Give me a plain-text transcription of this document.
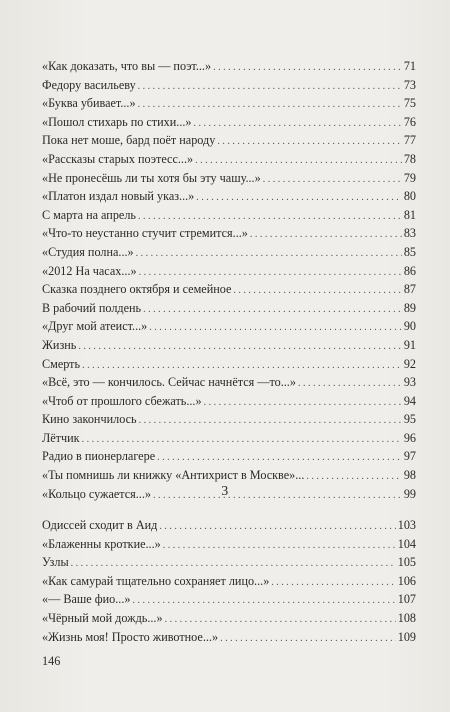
«Как доказать, что вы — поэт...» . . .	71
Федору васильеву . . .	73
«Буква убивает...» . . .	75
«Пошол стихарь по стихи...» . . .	76
Пока нет моше, бард поёт народу . . .	77
«Рассказы старых поэтесс...» . . .	78
«Не пронесёшь ли ты хотя бы эту чашу...» . . .	79
«Платон издал новый указ...» . . .	80
С марта на апрель . . .	81
«Что-то неустанно стучит стремится...» . . .	83
«Студия полна...» . . .	85
«2012 На часах...» . . .	86
Сказка позднего октября и семейное . . .	87
В рабочий полдень . . .	89
«Друг мой атеист...» . . .	90
Жизнь . . .	91
Смерть . . .	92
«Всё, это — кончилось. Сейчас начнётся —то...» . . .	93
«Чтоб от прошлого сбежать...» . . .	94
Кино закончилось . . .	95
Лётчик . . .	96
Радио в пионерлагере . . .	97
«Ты помнишь ли книжку «Антихрист в Москве»... . . .	98
«Кольцо сужается...» . . .	99
3
Одиссей сходит в Аид . . .	103
«Блаженны кроткие...» . . .	104
Узлы . . .	105
«Как самурай тщательно сохраняет лицо...» . . .	106
«— Ваше фио...» . . .	107
«Чёрный мой дождь...» . . .	108
«Жизнь моя! Просто животное...» . . .	109
146
